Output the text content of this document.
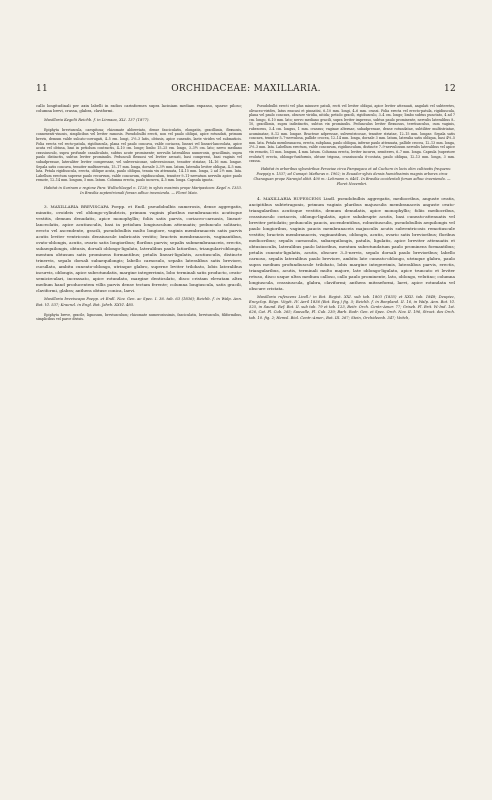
11	ORCHIDACEAE: MAXILLARIA.	12

callo longitudinali per axin labelli in radios carinformes supra laciniam mediam expanso, sparse piloso; columna brevi, crassa, glabra, claviformi.

Maxillaria Kegelii Reichb. f. in Linnaea, XLI. 137 (1877).

Epiphyta breviuscula, caespitosa; rhizomate abbreviato, dense fasciculatis, elongatis, gracillimis, flexuosis, connexenti-vinosis, simplicibus vel leviter ramosis. Pseudobulbi erecti, non vel paulo obliqui, apice rotundati, primum brevis, demum valde sulcato-corrugati, 4–5 em. longi, 2½–3 latis, obtusis, apice cuneatis, laete virides vel submuticis. Folia erecta vel recto-patula, rigidiuscula, plana vel paulo concava, valde coriacea, lineari vel lineari-lanceolata, apice acuta vel obtusa, basi in petiolum contractis, 4–10 cm. longe; limbo 15–25 em. longo, 3–3½ cm. lato; nervo mediano crassiusculo, supra profunde canaliculato, subtus acute prominente; nervulis lateralibus numerosis, gracillimis, supra paulo distinctis, subtus leviter prominulis. Pedunculi flexuosi vel leviter arcuati, basi compressi, basi vaginis vel subadpressae, lateraliter leviter compressae, vel subvernicosae, subvernicosae, tenuiter striatae, 14–16 mm. longae. Sepala satis concava, tenuiter multinervata, 15–17 mm. longa, dorsale 3–3½ mm. latum, lateralia leviter obliqua, 4–5 mm. lata. Petala rigidiuscula, erecta, oblique acuta, paulo obliqua, tenuia vix attenuata, 14–15 mm. longa, 2 ad 2½ mm. lata. Labellum erectum superne paulo recurvum, valde concavum, rigidiusculum, tenuiter 9–11-nervatum nervulis apice paulo remote, 12–14 mm. longum, 5 mm. latum. Columna erecta, paulo incurva, 4–5 mm. longa. Capsula ignota.

Habitat in Surinam e regione Para: Wullschlaegel n. 1128; in sylvis maximis prope Maripastoon: Kegel n. 1353. In Brasilia septentrionali forsan adhuc invenienda. — Floret Maio.

3. MAXILLARIA BREVISCAPA Poepp. et Endl. pseudobulbis numerosis, dense aggregatis, minutis, ovoideis vel oblongo-cylindricis, primum vaginis pluribus membranaceis acutisque vestitis, demum denudatis, apice monophyllis; foliis satis parvis, coriaceo-carnosis, lineari-lanceolatis, apice acutiusculis, basi in petiolum longiusculum attenuatis; pedunculo solitario, erecto vel ascendente, gracili, pseudobulbis multo longiore, vaginis membranaceis satis parvis acutis leviter ventricosis densiuscule imbricatis vestito; bracteis membranaceis, vaginantibus, ovato-oblongis, acutis, ovario satis longioribus; floribus parvis; sepalis submembranaceis, erectis, subaequilongis, obtusis, dorsali oblongo-ligulato, lateralibus paulo latioribus, triangulari-oblongis, mentum obtusum satis prominens formantibus; petalis lineari-ligulatis, acutiusculis, distincte trinervis, sepalo dorsali subaequilongis; labello carnosulo, sepalis lateralibus satis breviore, cucullato, ambitu cuneato-oblongo, utrinque glabro, superne leviter trilobato, lobis lateralibus incurvis, oblongis, apice subrotundatis, margine integerrimis, lobo terminali satis producto, ovato-semicirculari, incrassato, apice rotundato, margine denticulato, disco cristam elevatam altra medium hand producentem villis parvis dense tectam ferente; columna longiuscula, satis gracili, claviformi, glabra; anthera obtuse conica, laevi.

Maxillaria breviscapa Poepp. et Endl. Nov. Gen. ac Spec. I. 36. tab. 63 (1836); Reichb. f. in Walp. Ann. Bot. VI. 537; Kraenzl. in Engl. Bot. Jahrb. XXVI. 485.

Epiphyta breve, gracile, lignosum, breviusculum; rhizomate numerosissimis, fasciculatis, breviusculis, filiformibus, simplicibus vel parce divisis.

Pseudobulbi erecti vel plus minusve patuli, recti vel leviter obliqui, apice leviter attenuati, angulati vel subteretes, olivaceo-virides, latus enscasi et pinnatisi, 6–10 mm. longi, 4–6 mm. crassi. Folia erecta vel erecto-patula, rigidiuscula, plana vel paulo concava, obscure viridia, nitida; petiolo gracili, rigidiusculo, 3–4 cm. longo; limbo subtus punctato, 4 ad 7 cm. longo, 6–10 mm. lato; nervo mediano gracili, supra leviter impresso, subtus paulo prominente, nervulis lateralibus 8–10, gracillimis, supra indistinctis, subtus vix prominulis. Pedunculus leviter flexuosus, teretiusculus, cum vaginis, rubescens, 3–4 cm. longus, 1 mm. crassus; vaginae alternae, subadpressae, dense rotundatae, subtiliter multistriatae, acuminatae, 8–12 mm. longae. Bracteae adpressae, subventricosae, tenuiter striatae, 12–15 mm. longae. Sepala satis concava, tenuiter 5–7-nervulosa, pallide crocea, 12–14 mm. longa, dorsale 3 mm. latum, lateralia satis obliqua, basi 4½–5 mm. lata. Petala membranacea, erecta, subplana, paulo obliqua, inferne paulo attenuata, pallide crocea, 12–13 mm. longa, 2½–3 mm. lata. Labellum erectum, valde concavum, rigidiusculum, distincte 7–9-nervulosum nervulis lateralibus vel apice vix remotis, 11 mm. longum, 4 mm. latum. Columna erecta, leviter incurva, semiteres, 6–7 mm. longa. Capsula (superiore evoluta?) erecta, oblongo-fusiformis, obtuse trigona, crassiuscula 6-costata, paulo obliqua, 12–13 mm. longa, 3 mm. crassa.

Habitat in arboribus sylvestribus Peruviae circa Pampayaco et ad Cuchero in locis olim cultivatis frequens: Poeppig n. 1537; ad Cumapi: Mathews n. 1902; in Ecuador sylvis densis humidissimis magnis arbores circa Chanaguan prope Naranjal alitit. 400 m.: Lehmann n. 6461. In Brasilia occidentali forsan adhuc invenienda. — Floret Novembri.

4. MAXILLARIA RUFESCENS Lindl. pseudobulbis aggregatis, mediocribus, anguste ovatis, ancipitibus subtetragonis, primum vaginis pluribus majusculis membranaceis anguste ovato-triangularibus acutisque vestitis, demum denudatis, apice monophyllis; foliis mediocribus, crassiusculo coriaceis, oblongo-ligulatis, apice subabrupte acutis, basi cuneato-attenuatis vel breviter petiolatis; pedunculis paucis, ascendentibus, robustiusculis, pseudobulbis aequilongis vel paulo longioribus, vaginis paucis membranaceis majusculis acutis subventricosis remotiuscule vestitis; bracteis membranaceis, vaginantibus, oblongis, acutis, ovario satis brevioribus; floribus mediocribus; sepalis carnosulis, subaequilongis, patulis, ligulatis, apice breviter attenuatis et obtusiusculis, lateralibus paulo latioribus, mentum subrotundatum paulo prominens formantibus; petalis cuneato-ligulatis, acutis, obscure 3–5-nervis, sepalo dorsali paulo brevioribus; labello carnoso, sepalis lateralibus paulo breviore, ambitu late cuneato-oblongo, utrinque glabro, paulo supra medium profundiuscule trilobato, lobis margine integerrimis, lateralibus parvis, erectis, triangularibus, acutis, terminali multo majore, late oblongo-ligulato, apice truncato et leviter retuso, disco usque ultra medium calloso, callo paulo prominente, lato, oblongo, velutino; columna longiuscula, crassiuscula, glabra, claviformi; anthera mitraeformi, laevi, apice rotundata vel obscure cristata.

Maxillaria rufescens Lindl.! in Bot. Regist. XXI. sub tab. 1803 (1835) et XXII. tab. 1848; Deupiez, Encyclop. Régn. Végét. IV. Avril 1836 (Bot. Reg.) fig. 5; Reichb. f. in Bonpland. II. 16, in Walp. Ann. Bot. VI. 525, in Saund. Ref. Bot. II. sub tab. 79 et tab. 123, Beitr. Orch. Centr.-Amer. 77; Griseb. Fl. Brit. W.-Ind. 1st. 626, Cat. Pl. Cub. 265; Sauvalle, Fl. Cub. 230; Barb. Rodr. Gen. et Spec. Orch. Nov. II. 196, Struct. des Orch. tab. 10. fig. 2; Hemsl. Biol. Centr.-Amer., Bot. III. 267; Stein, Orchideenb. 347; Veitch,
